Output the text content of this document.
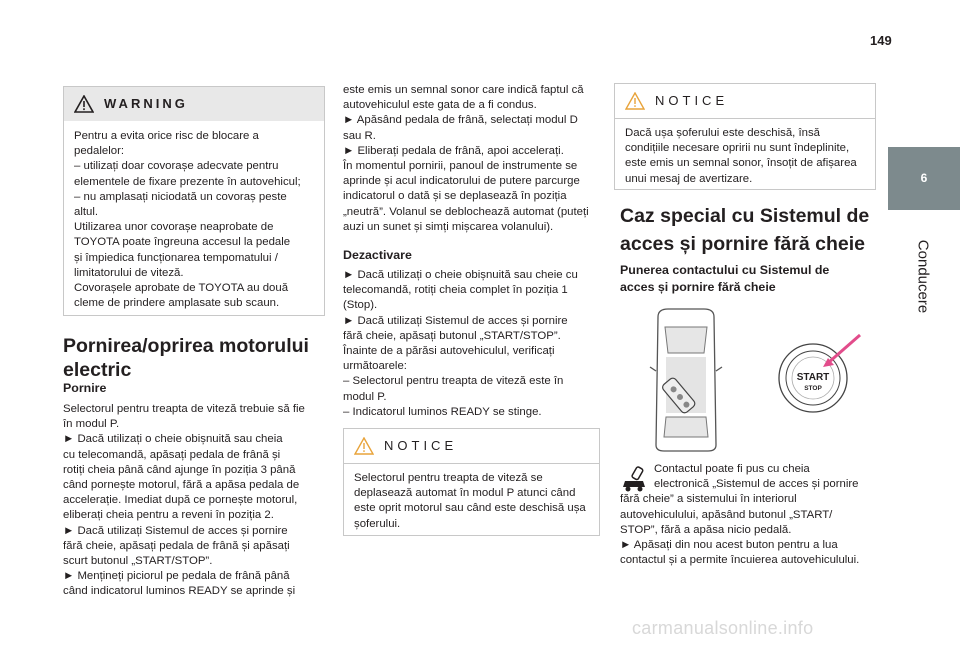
149
6
Conducere
WARNING
Pentru a evita orice risc de blocare a
pedalelor:
– utilizați doar covorașe adecvate pentru
elementele de fixare prezente în autovehicul;
– nu amplasați niciodată un covoraș peste
altul.
Utilizarea unor covorașe neaprobate de
TOYOTA poate îngreuna accesul la pedale
și împiedica funcționarea tempomatului /
limitatorului de viteză.
Covorașele aprobate de TOYOTA au două
cleme de prindere amplasate sub scaun.
Pornirea/oprirea motorului
electric
Pornire
Selectorul pentru treapta de viteză trebuie să fie
în modul P.
► Dacă utilizați o cheie obișnuită sau cheia
cu telecomandă, apăsați pedala de frână și
rotiți cheia până când ajunge în poziția 3 până
când pornește motorul, fără a apăsa pedala de
accelerație. Imediat după ce pornește motorul,
eliberați cheia pentru a reveni în poziția 2.
► Dacă utilizați Sistemul de acces și pornire
fără cheie, apăsați pedala de frână și apăsați
scurt butonul „START/STOP”.
► Mențineți piciorul pe pedala de frână până
când indicatorul luminos READY se aprinde și
este emis un semnal sonor care indică faptul că
autovehiculul este gata de a fi condus.
► Apăsând pedala de frână, selectați modul D
sau R.
► Eliberați pedala de frână, apoi accelerați.
În momentul pornirii, panoul de instrumente se
aprinde și acul indicatorului de putere parcurge
indicatorul o dată și se deplasează în poziția
„neutră”. Volanul se deblochează automat (puteți
auzi un sunet și simți mișcarea volanului).
Dezactivare
► Dacă utilizați o cheie obișnuită sau cheie cu
telecomandă, rotiți cheia complet în poziția 1
(Stop).
► Dacă utilizați Sistemul de acces și pornire
fără cheie, apăsați butonul „START/STOP”.
Înainte de a părăsi autovehiculul, verificați
următoarele:
– Selectorul pentru treapta de viteză este în
modul P.
– Indicatorul luminos READY se stinge.
NOTICE
Selectorul pentru treapta de viteză se
deplasează automat în modul P atunci când
este oprit motorul sau când este deschisă ușa
șoferului.
NOTICE
Dacă ușa șoferului este deschisă, însă
condițiile necesare opririi nu sunt îndeplinite,
este emis un semnal sonor, însoțit de afișarea
unui mesaj de avertizare.
Caz special cu Sistemul de
acces și pornire fără cheie
Punerea contactului cu Sistemul de
acces și pornire fără cheie
START
STOP
Contactul poate fi pus cu cheia
electronică „Sistemul de acces și pornire
fără cheie” a sistemului în interiorul
autovehiculului, apăsând butonul „START/
STOP”, fără a apăsa nicio pedală.
► Apăsați din nou acest buton pentru a lua
contactul și a permite încuierea autovehiculului.
carmanualsonline.info
